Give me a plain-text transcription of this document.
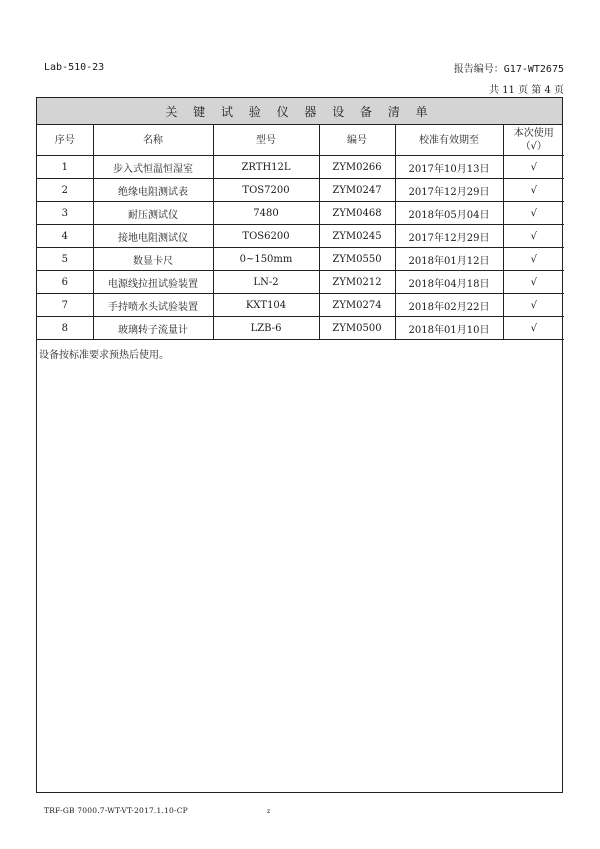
Lab-510-23	报告编号：G17-WT2675
共 11 页 第 4 页
关 键 试 验 仪 器 设 备 清 单
序号	名称	型号	编号	校准有效期至	本次使用
（√）

1	步入式恒温恒湿室	ZRTH12L	ZYM0266	2017年10月13日	√
2	绝缘电阻测试表	TOS7200	ZYM0247	2017年12月29日	√
3	耐压测试仪	7480	ZYM0468	2018年05月04日	√
4	接地电阻测试仪	TOS6200	ZYM0245	2017年12月29日	√
5	数显卡尺	0~150mm	ZYM0550	2018年01月12日	√
6	电源线拉扭试验装置	LN-2	ZYM0212	2018年04月18日	√
7	手持喷水头试验装置	KXT104	ZYM0274	2018年02月22日	√
8	玻璃转子流量计	LZB-6	ZYM0500	2018年01月10日	√
设备按标准要求预热后使用。
TRF-GB 7000.7-WT-VT-2017.1.10-CP	z
